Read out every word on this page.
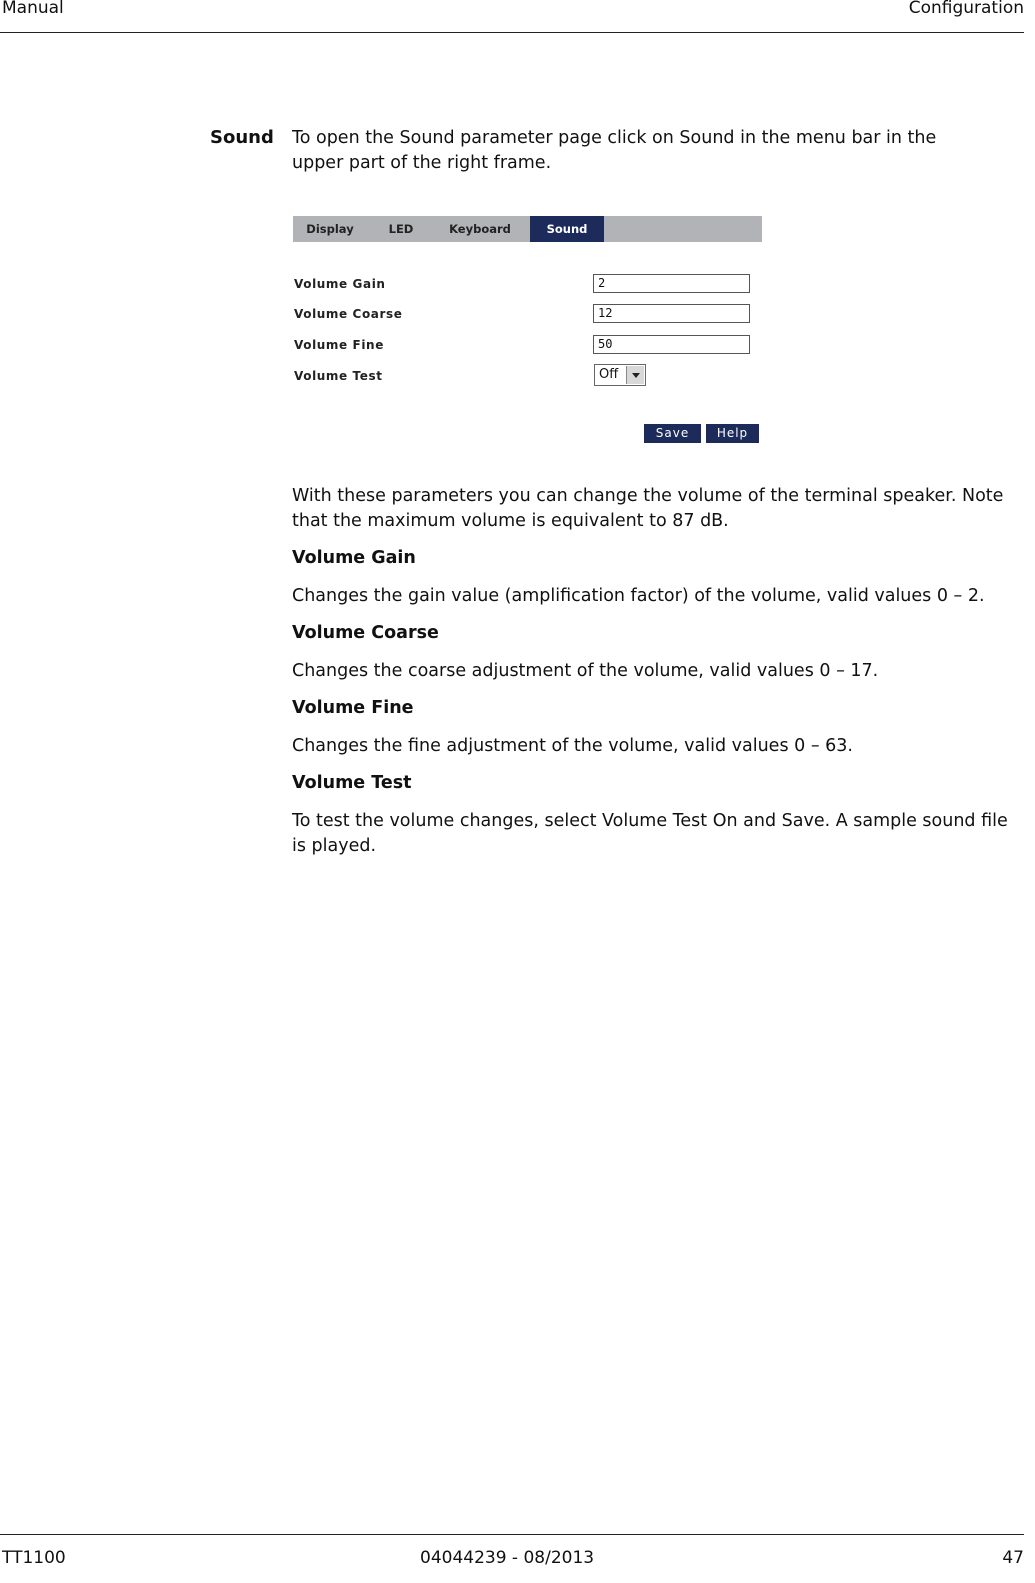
Manual	Configuration
Sound To open the Sound parameter page click on Sound in the menu bar in the upper part of the right frame.
Display	LED	Keyboard	Sound
Volume Gain	2
Volume Coarse	12
Volume Fine	50
Volume Test	Off
Save	Help
With these parameters you can change the volume of the terminal speaker. Note that the maximum volume is equivalent to 87 dB.
Volume Gain
Changes the gain value (amplification factor) of the volume, valid values 0 – 2.
Volume Coarse
Changes the coarse adjustment of the volume, valid values 0 – 17.
Volume Fine
Changes the fine adjustment of the volume, valid values 0 – 63.
Volume Test
To test the volume changes, select Volume Test On and Save. A sample sound file is played.
TT1100	04044239 - 08/2013	47
